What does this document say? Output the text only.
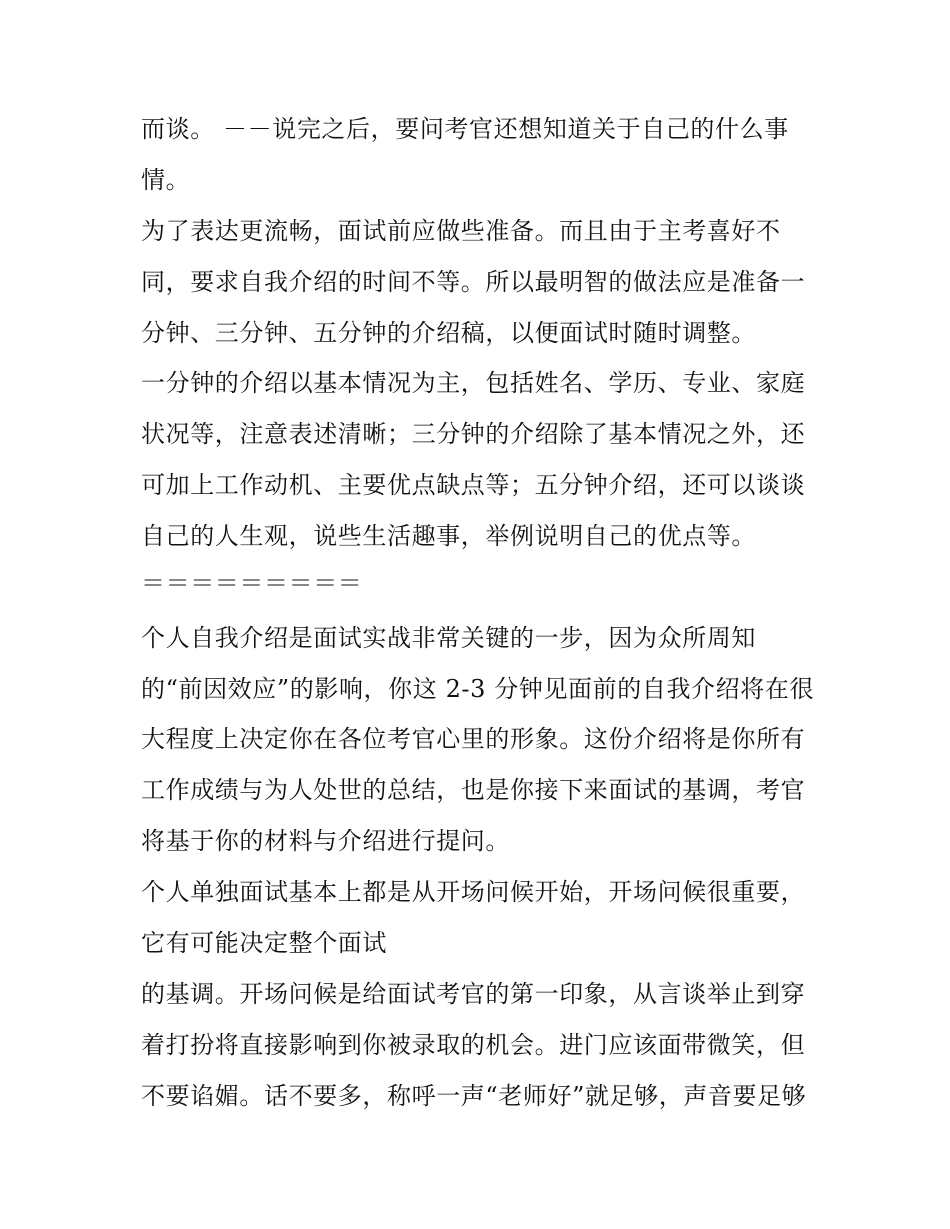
而谈。 －－说完之后，要问考官还想知道关于自己的什么事
情。
为了表达更流畅，面试前应做些准备。而且由于主考喜好不
同，要求自我介绍的时间不等。所以最明智的做法应是准备一
分钟、三分钟、五分钟的介绍稿，以便面试时随时调整。
一分钟的介绍以基本情况为主，包括姓名、学历、专业、家庭
状况等，注意表述清晰；三分钟的介绍除了基本情况之外，还
可加上工作动机、主要优点缺点等；五分钟介绍，还可以谈谈
自己的人生观，说些生活趣事，举例说明自己的优点等。
＝＝＝＝＝＝＝＝＝
个人自我介绍是面试实战非常关键的一步，因为众所周知
的“前因效应”的影响，你这 2-3 分钟见面前的自我介绍将在很
大程度上决定你在各位考官心里的形象。这份介绍将是你所有
工作成绩与为人处世的总结，也是你接下来面试的基调，考官
将基于你的材料与介绍进行提问。
个人单独面试基本上都是从开场问候开始，开场问候很重要，
它有可能决定整个面试
的基调。开场问候是给面试考官的第一印象，从言谈举止到穿
着打扮将直接影响到你被录取的机会。进门应该面带微笑，但
不要谄媚。话不要多，称呼一声“老师好”就足够，声音要足够
